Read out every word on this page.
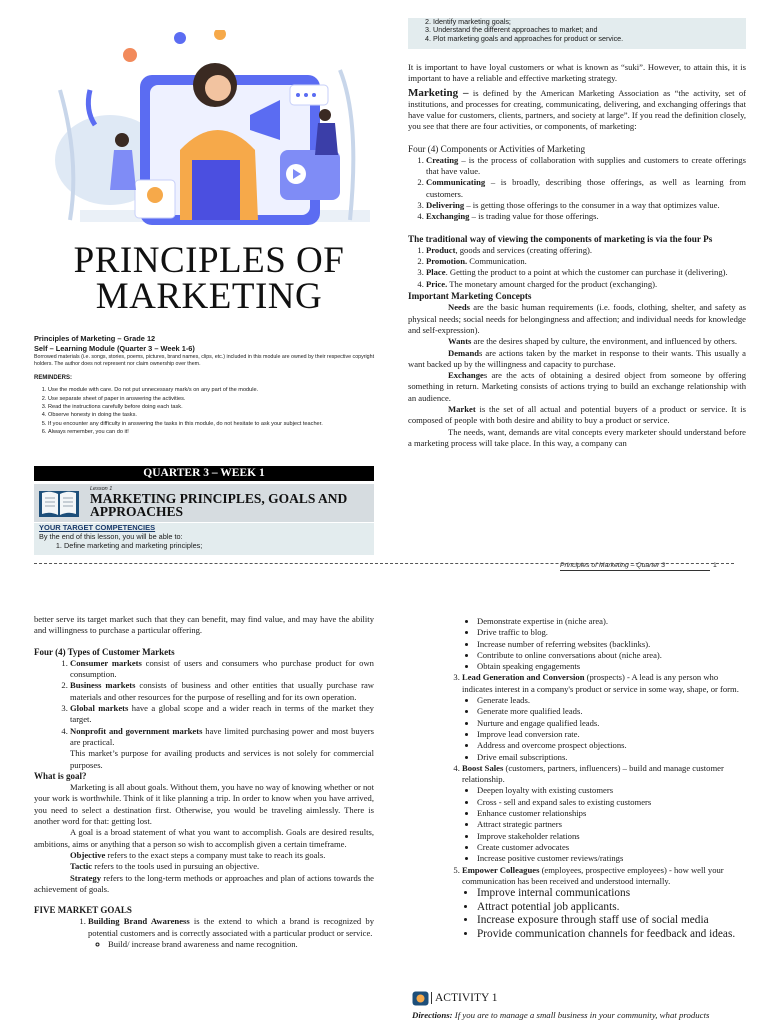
PRINCIPLES OF
MARKETING
Principles of Marketing – Grade 12
Self – Learning Module (Quarter 3 – Week 1-6)
Borrowed materials (i.e. songs, stories, poems, pictures, brand names, clips, etc.) included in this module are owned by their respective copyright holders. The author does not represent nor claim ownership over them.
REMINDERS:
1. Use the module with care. Do not put unnecessary mark/s on any part of the module.
2. Use separate sheet of paper in answering the activities.
3. Read the instructions carefully before doing each task.
4. Observe honesty in doing the tasks.
5. If you encounter any difficulty in answering the tasks in this module, do not hesitate to ask your subject teacher.
6. Always remember, you can do it!
QUARTER 3 – WEEK 1
Lesson 1
MARKETING PRINCIPLES, GOALS AND APPROACHES
YOUR TARGET COMPETENCIES
By the end of this lesson, you will be able to:
1. Define marketing and marketing principles;
2. Identify marketing goals;
3. Understand the different approaches to market; and
4. Plot marketing goals and approaches for product or service.

It is important to have loyal customers or what is known as “suki”. However, to attain this, it is important to have a reliable and effective marketing strategy.

Marketing – is defined by the American Marketing Association as “the activity, set of institutions, and processes for creating, communicating, delivering, and exchanging offerings that have value for customers, clients, partners, and society at large”. If you read the definition closely, you see that there are four activities, or components, of marketing:

Four (4) Components or Activities of Marketing
1. Creating – is the process of collaboration with supplies and customers to create offerings that have value.
2. Communicating – is broadly, describing those offerings, as well as learning from customers.
3. Delivering – is getting those offerings to the consumer in a way that optimizes value.
4. Exchanging – is trading value for those offerings.
The traditional way of viewing the components of marketing is via the four Ps
1. Product, goods and services (creating offering).
2. Promotion. Communication.
3. Place. Getting the product to a point at which the customer can purchase it (delivering).
4. Price. The monetary amount charged for the product (exchanging).
Important Marketing Concepts

Needs are the basic human requirements (i.e. foods, clothing, shelter, and safety as physical needs; social needs for belongingness and affection; and individual needs for knowledge and self-expression).

Wants are the desires shaped by culture, the environment, and influenced by others.

Demands are actions taken by the market in response to their wants. This usually a want backed up by the willingness and capacity to purchase.

Exchanges are the acts of obtaining a desired object from someone by offering something in return. Marketing consists of actions trying to build an exchange relationship with an audience.

Market is the set of all actual and potential buyers of a product or service. It is composed of people with both desire and ability to buy a product or service.

The needs, want, demands are vital concepts every marketer should understand before a marketing process will take place. In this way, a company can

Principles of Marketing – Quarter 3	1

better serve its target market such that they can benefit, may find value, and may have the ability and willingness to purchase a particular offering.

Four (4) Types of Customer Markets
1. Consumer markets consist of users and consumers who purchase product for own consumption.
2. Business markets consists of business and other entities that usually purchase raw materials and other resources for the purpose of reselling and for its own operation.
3. Global markets have a global scope and a wider reach in terms of the market they target.
4. Nonprofit and government markets have limited purchasing power and most buyers are practical.

This market’s purpose for availing products and services is not solely for commercial purposes.

What is goal?

Marketing is all about goals. Without them, you have no way of knowing whether or not your work is worthwhile. Think of it like planning a trip. In order to know when you have arrived, you need to select a destination first. Otherwise, you would be traveling aimlessly. There is another word for that: getting lost.

A goal is a broad statement of what you want to accomplish. Goals are desired results, ambitions, aims or anything that a person so wish to accomplish given a certain timeframe.

Objective refers to the exact steps a company must take to reach its goals.

Tactic refers to the tools used in pursuing an objective.

Strategy refers to the long-term methods or approaches and plan of actions towards the achievement of goals.

FIVE MARKET GOALS
1. Building Brand Awareness is the extend to which a brand is recognized by potential customers and is correctly associated with a particular product or service.
◦ Build/ increase brand awareness and name recognition.
• Demonstrate expertise in (niche area).
• Drive traffic to blog.
• Increase number of referring websites (backlinks).
• Contribute to online conversations about (niche area).
• Obtain speaking engagements
3. Lead Generation and Conversion (prospects) - A lead is any person who indicates interest in a company's product or service in some way, shape, or form.
• Generate leads.
• Generate more qualified leads.
• Nurture and engage qualified leads.
• Improve lead conversion rate.
• Address and overcome prospect objections.
• Drive email subscriptions.
4. Boost Sales (customers, partners, influencers) – build and manage customer relationship.
• Deepen loyalty with existing customers
• Cross - sell and expand sales to existing customers
• Enhance customer relationships
• Attract strategic partners
• Improve stakeholder relations
• Create customer advocates
• Increase positive customer reviews/ratings
5. Empower Colleagues (employees, prospective employees) - how well your communication has been received and understood internally.
• Improve internal communications
• Attract potential job applicants.
• Increase exposure through staff use of social media
• Provide communication channels for feedback and ideas.
ACTIVITY 1
Directions: If you are to manage a small business in your community, what products
